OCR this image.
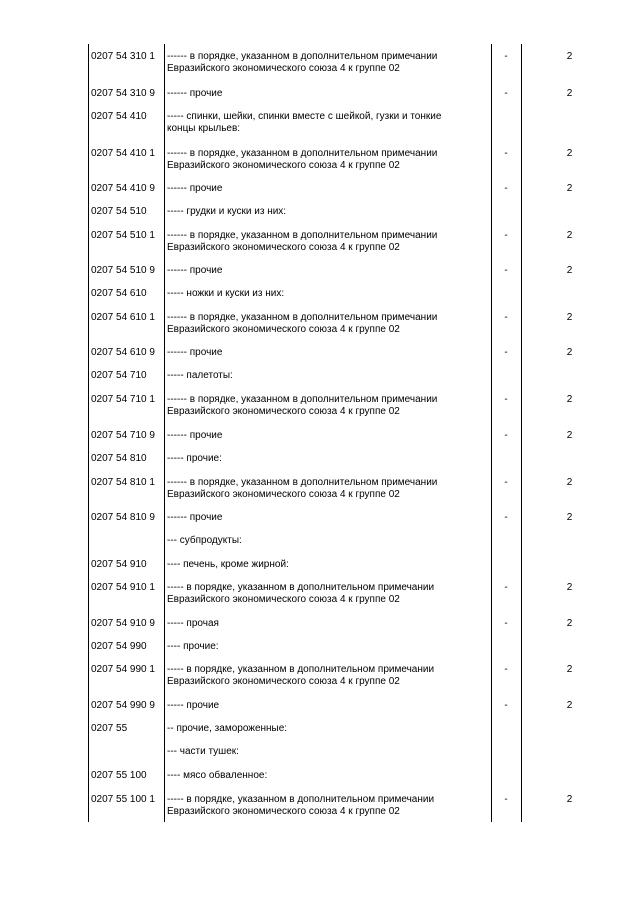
0207 54 310 1 ------ в порядке, указанном в дополнительном примечании
Евразийского экономического союза 4 к группе 02
-	2
0207 54 310 9 ------ прочие	-	2
0207 54 410 ----- спинки, шейки, спинки вместе с шейкой, гузки и тонкие
концы крыльев:
0207 54 410 1 ------ в порядке, указанном в дополнительном примечании
Евразийского экономического союза 4 к группе 02
-	2
0207 54 410 9 ------ прочие	-	2
0207 54 510 ----- грудки и куски из них:
0207 54 510 1 ------ в порядке, указанном в дополнительном примечании
Евразийского экономического союза 4 к группе 02
-	2
0207 54 510 9 ------ прочие	-	2
0207 54 610 ----- ножки и куски из них:
0207 54 610 1 ------ в порядке, указанном в дополнительном примечании
Евразийского экономического союза 4 к группе 02
-	2
0207 54 610 9 ------ прочие	-	2
0207 54 710 ----- палетоты:
0207 54 710 1 ------ в порядке, указанном в дополнительном примечании
Евразийского экономического союза 4 к группе 02
-	2
0207 54 710 9 ------ прочие	-	2
0207 54 810 ----- прочие:
0207 54 810 1 ------ в порядке, указанном в дополнительном примечании
Евразийского экономического союза 4 к группе 02
-	2
0207 54 810 9 ------ прочие	-	2
--- субпродукты:
0207 54 910 ---- печень, кроме жирной:
0207 54 910 1 ----- в порядке, указанном в дополнительном примечании
Евразийского экономического союза 4 к группе 02
-	2
0207 54 910 9 ----- прочая	-	2
0207 54 990 ---- прочие:
0207 54 990 1 ----- в порядке, указанном в дополнительном примечании
Евразийского экономического союза 4 к группе 02
-	2
0207 54 990 9 ----- прочие	-	2
0207 55	-- прочие, замороженные:
--- части тушек:
0207 55 100 ---- мясо обваленное:
0207 55 100 1 ----- в порядке, указанном в дополнительном примечании
Евразийского экономического союза 4 к группе 02
-	2
